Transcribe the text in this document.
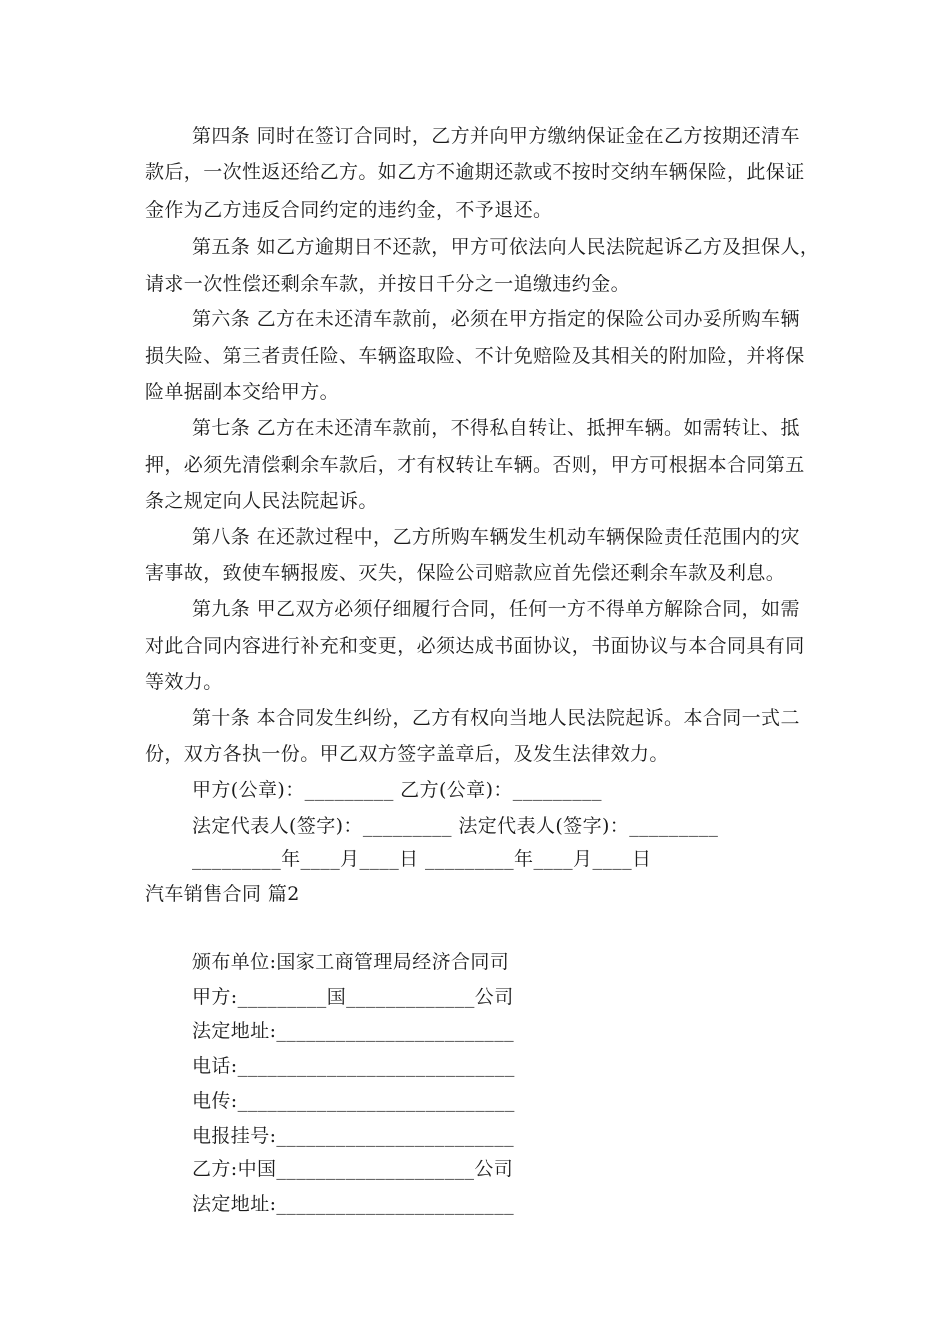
第四条 同时在签订合同时，乙方并向甲方缴纳保证金在乙方按期还清车
款后，一次性返还给乙方。如乙方不逾期还款或不按时交纳车辆保险，此保证
金作为乙方违反合同约定的违约金，不予退还。
第五条 如乙方逾期日不还款，甲方可依法向人民法院起诉乙方及担保人，
请求一次性偿还剩余车款，并按日千分之一追缴违约金。
第六条 乙方在未还清车款前，必须在甲方指定的保险公司办妥所购车辆
损失险、第三者责任险、车辆盗取险、不计免赔险及其相关的附加险，并将保
险单据副本交给甲方。
第七条 乙方在未还清车款前，不得私自转让、抵押车辆。如需转让、抵
押，必须先清偿剩余车款后，才有权转让车辆。否则，甲方可根据本合同第五
条之规定向人民法院起诉。
第八条 在还款过程中，乙方所购车辆发生机动车辆保险责任范围内的灾
害事故，致使车辆报废、灭失，保险公司赔款应首先偿还剩余车款及利息。
第九条 甲乙双方必须仔细履行合同，任何一方不得单方解除合同，如需
对此合同内容进行补充和变更，必须达成书面协议，书面协议与本合同具有同
等效力。
第十条 本合同发生纠纷，乙方有权向当地人民法院起诉。本合同一式二
份，双方各执一份。甲乙双方签字盖章后，及发生法律效力。
甲方(公章)：_________ 乙方(公章)：_________
法定代表人(签字)：_________ 法定代表人(签字)：_________
_________年____月____日 _________年____月____日
汽车销售合同 篇2
颁布单位:国家工商管理局经济合同司
甲方:_________国_____________公司
法定地址:________________________
电话:____________________________
电传:____________________________
电报挂号:________________________
乙方:中国____________________公司
法定地址:________________________
